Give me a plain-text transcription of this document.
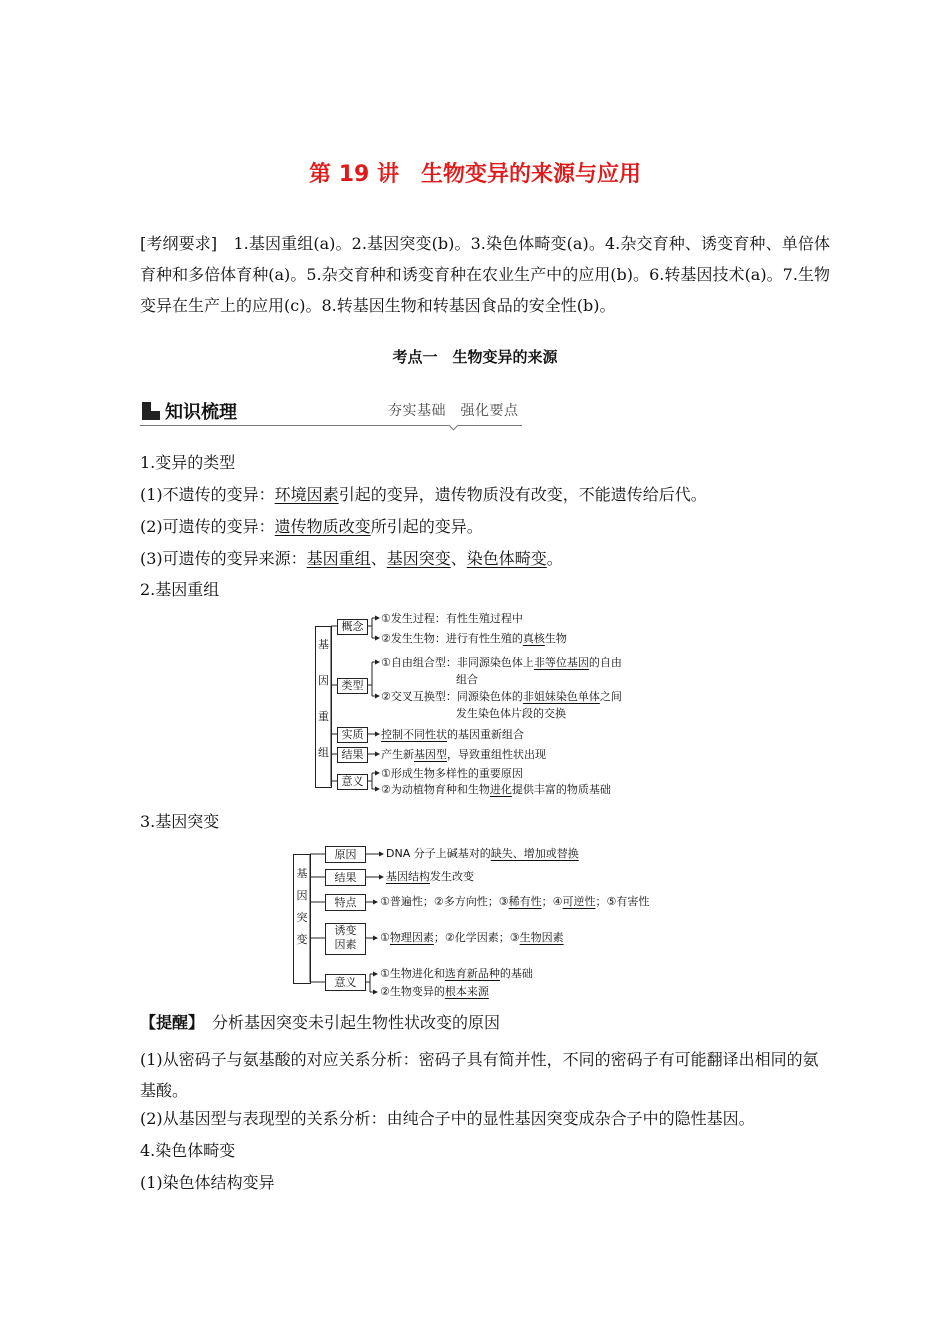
第 19 讲　生物变异的来源与应用
[考纲要求]　 1.基因重组(a)。2.基因突变(b)。3.染色体畸变(a)。4.杂交育种、诱变育种、单倍体育种和多倍体育种(a)。5.杂交育种和诱变育种在农业生产中的应用(b)。6.转基因技术(a)。7.生物变异在生产上的应用(c)。8.转基因生物和转基因食品的安全性(b)。
考点一　生物变异的来源
知识梳理	夯实基础　强化要点
1.变异的类型
(1)不遗传的变异：环境因素引起的变异，遗传物质没有改变，不能遗传给后代。
(2)可遗传的变异：遗传物质改变所引起的变异。
(3)可遗传的变异来源：基因重组、基因突变、染色体畸变。
2.基因重组
基
因
重
组
概念
类型
实质
结果
意义
①发生过程：有性生殖过程中
②发生生物：进行有性生殖的真核生物
①自由组合型：非同源染色体上非等位基因的自由
组合
②交叉互换型：同源染色体的非姐妹染色单体之间
发生染色体片段的交换
控制不同性状的基因重新组合
产生新基因型，导致重组性状出现
①形成生物多样性的重要原因
②为动植物育种和生物进化提供丰富的物质基础
3.基因突变
基
因
突
变
原因
结果
特点
诱变
因素
意义
DNA 分子上碱基对的缺失、增加或替换
基因结构发生改变
①普遍性；②多方向性；③稀有性；④可逆性；⑤有害性
①物理因素；②化学因素；③生物因素
①生物进化和选育新品种的基础
②生物变异的根本来源
【提醒】　分析基因突变未引起生物性状改变的原因
(1)从密码子与氨基酸的对应关系分析：密码子具有简并性，不同的密码子有可能翻译出相同的氨基酸。
(2)从基因型与表现型的关系分析：由纯合子中的显性基因突变成杂合子中的隐性基因。
4.染色体畸变
(1)染色体结构变异
